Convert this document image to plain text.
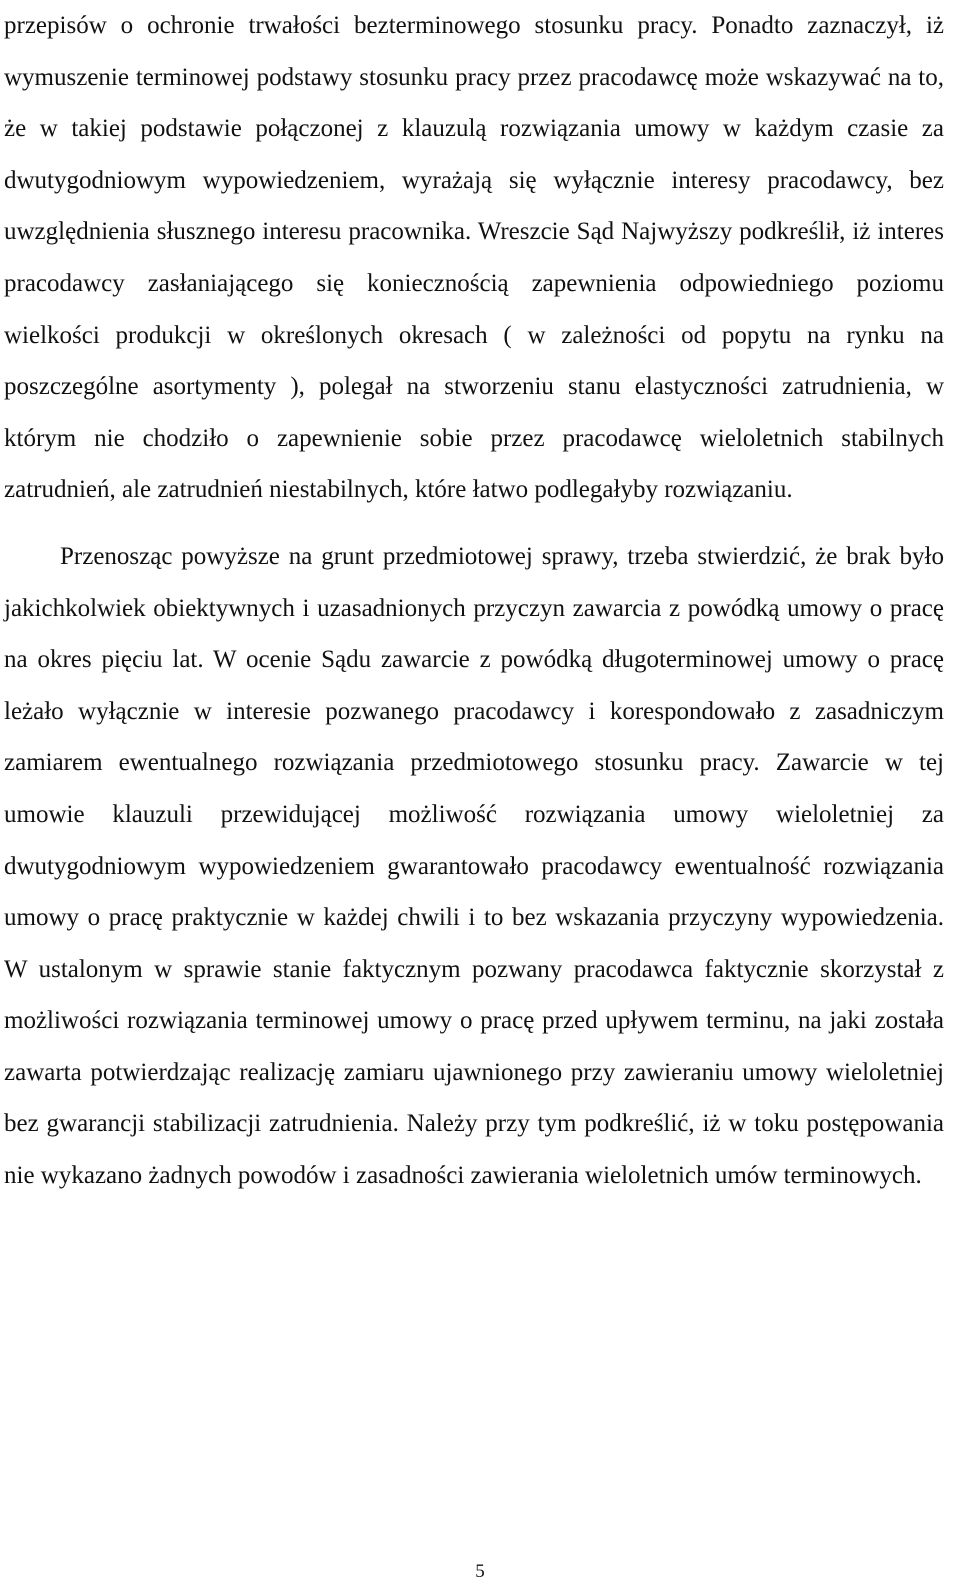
przepisów o ochronie trwałości bezterminowego stosunku pracy. Ponadto zaznaczył, iż wymuszenie terminowej podstawy stosunku pracy przez pracodawcę może wskazywać na to, że w takiej podstawie połączonej z klauzulą rozwiązania umowy w każdym czasie za dwutygodniowym wypowiedzeniem, wyrażają się wyłącznie interesy pracodawcy, bez uwzględnienia słusznego interesu pracownika. Wreszcie Sąd Najwyższy podkreślił, iż interes pracodawcy zasłaniającego się koniecznością zapewnienia odpowiedniego poziomu wielkości produkcji w określonych okresach ( w zależności od popytu na rynku na poszczególne asortymenty ), polegał na stworzeniu stanu elastyczności zatrudnienia, w którym nie chodziło o zapewnienie sobie przez pracodawcę wieloletnich stabilnych zatrudnień, ale zatrudnień niestabilnych, które łatwo podlegałyby rozwiązaniu.

Przenosząc powyższe na grunt przedmiotowej sprawy, trzeba stwierdzić, że brak było jakichkolwiek obiektywnych i uzasadnionych przyczyn zawarcia z powódką umowy o pracę na okres pięciu lat. W ocenie Sądu zawarcie z powódką długoterminowej umowy o pracę leżało wyłącznie w interesie pozwanego pracodawcy i korespondowało z zasadniczym zamiarem ewentualnego rozwiązania przedmiotowego stosunku pracy. Zawarcie w tej umowie klauzuli przewidującej możliwość rozwiązania umowy wieloletniej za dwutygodniowym wypowiedzeniem gwarantowało pracodawcy ewentualność rozwiązania umowy o pracę praktycznie w każdej chwili i to bez wskazania przyczyny wypowiedzenia. W ustalonym w sprawie stanie faktycznym pozwany pracodawca faktycznie skorzystał z możliwości rozwiązania terminowej umowy o pracę przed upływem terminu, na jaki została zawarta potwierdzając realizację zamiaru ujawnionego przy zawieraniu umowy wieloletniej bez gwarancji stabilizacji zatrudnienia. Należy przy tym podkreślić, iż w toku postępowania nie wykazano żadnych powodów i zasadności zawierania wieloletnich umów terminowych.

5
